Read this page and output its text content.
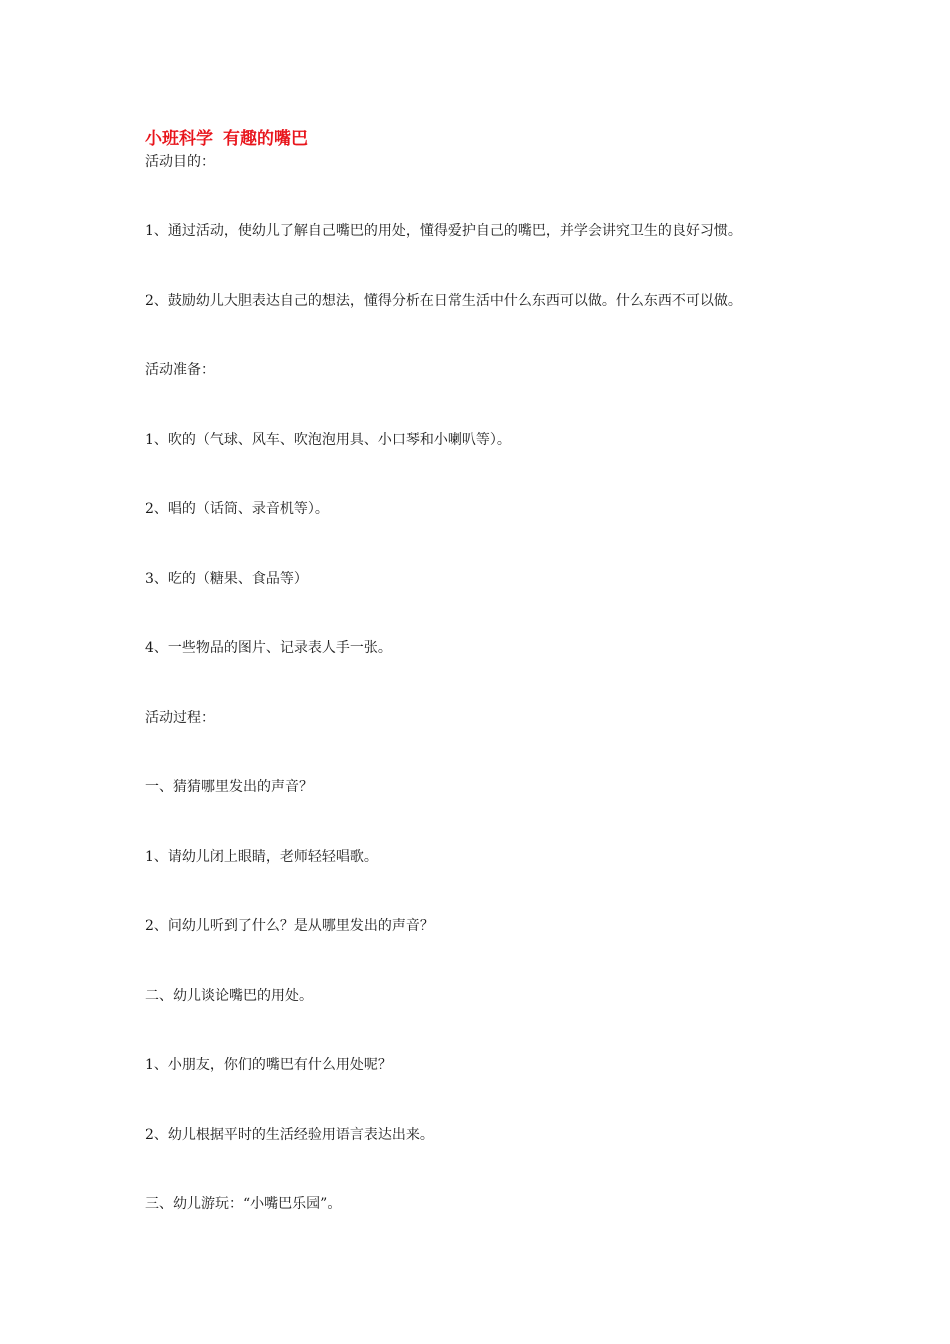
小班科学 有趣的嘴巴

活动目的：

1、通过活动，使幼儿了解自己嘴巴的用处，懂得爱护自己的嘴巴，并学会讲究卫生的良好习惯。

2、鼓励幼儿大胆表达自己的想法，懂得分析在日常生活中什么东西可以做。什么东西不可以做。

活动准备：

1、吹的（气球、风车、吹泡泡用具、小口琴和小喇叭等）。

2、唱的（话筒、录音机等）。

3、吃的（糖果、食品等）

4、一些物品的图片、记录表人手一张。

活动过程：

一、猜猜哪里发出的声音？

1、请幼儿闭上眼睛，老师轻轻唱歌。

2、问幼儿听到了什么？是从哪里发出的声音？

二、幼儿谈论嘴巴的用处。

1、小朋友，你们的嘴巴有什么用处呢？

2、幼儿根据平时的生活经验用语言表达出来。

三、幼儿游玩：“小嘴巴乐园”。
